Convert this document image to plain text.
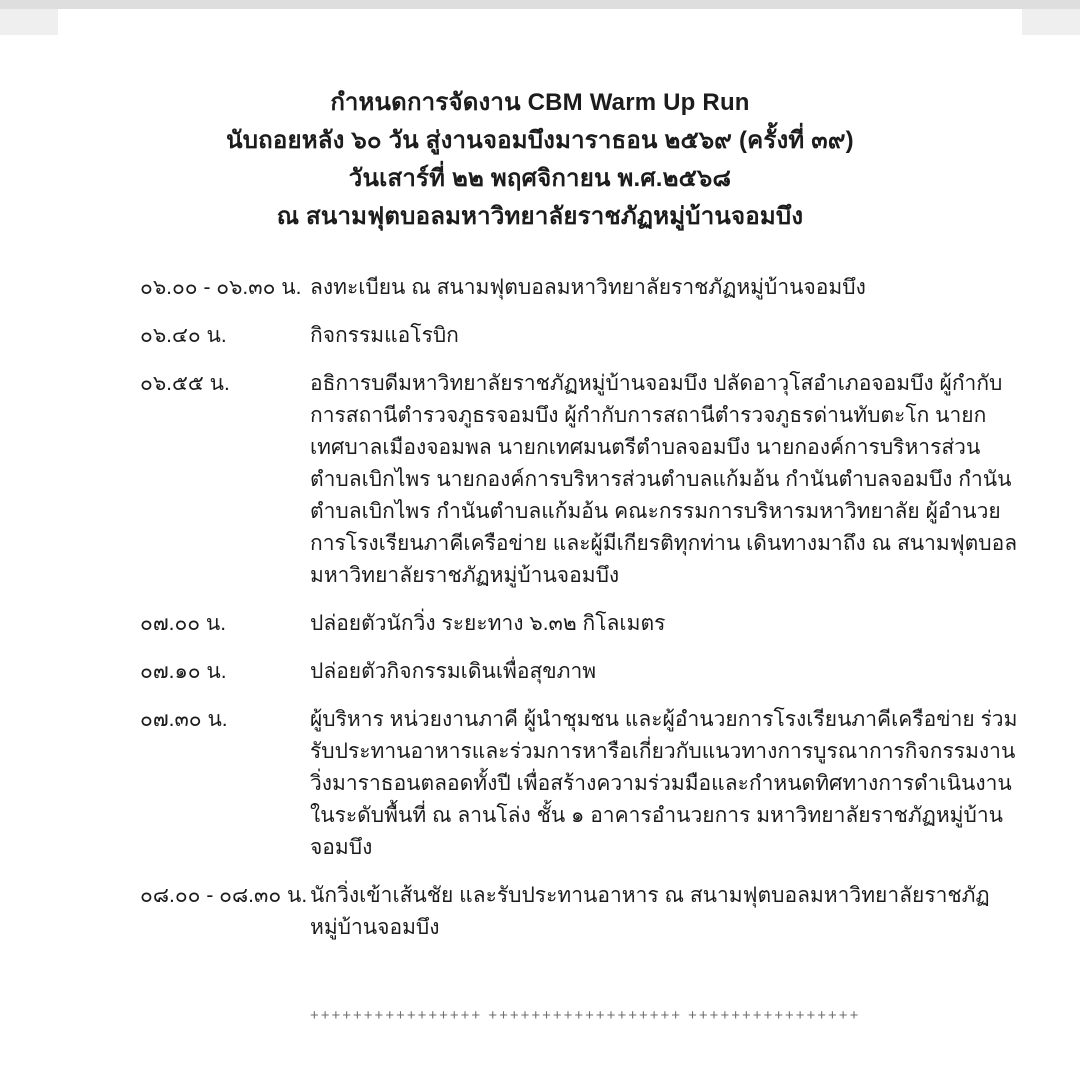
กำหนดการจัดงาน CBM Warm Up Run
นับถอยหลัง ๖๐ วัน สู่งานจอมบึงมาราธอน ๒๕๖๙ (ครั้งที่ ๓๙)
วันเสาร์ที่ ๒๒ พฤศจิกายน พ.ศ.๒๕๖๘
ณ สนามฟุตบอลมหาวิทยาลัยราชภัฏหมู่บ้านจอมบึง
๐๖.๐๐ - ๐๖.๓๐ น. ลงทะเบียน ณ สนามฟุตบอลมหาวิทยาลัยราชภัฏหมู่บ้านจอมบึง
๐๖.๔๐ น.	กิจกรรมแอโรบิก
๐๖.๕๕ น.	อธิการบดีมหาวิทยาลัยราชภัฏหมู่บ้านจอมบึง ปลัดอาวุโสอำเภอจอมบึง ผู้กำกับการสถานีตำรวจภูธรจอมบึง ผู้กำกับการสถานีตำรวจภูธรด่านทับตะโก นายกเทศบาลเมืองจอมพล นายกเทศมนตรีตำบลจอมบึง นายกองค์การบริหารส่วนตำบลเบิกไพร นายกองค์การบริหารส่วนตำบลแก้มอ้น กำนันตำบลจอมบึง กำนันตำบลเบิกไพร กำนันตำบลแก้มอ้น คณะกรรมการบริหารมหาวิทยาลัย ผู้อำนวยการโรงเรียนภาคีเครือข่าย และผู้มีเกียรติทุกท่าน เดินทางมาถึง ณ สนามฟุตบอลมหาวิทยาลัยราชภัฏหมู่บ้านจอมบึง
๐๗.๐๐ น.	ปล่อยตัวนักวิ่ง ระยะทาง ๖.๓๒ กิโลเมตร
๐๗.๑๐ น.	ปล่อยตัวกิจกรรมเดินเพื่อสุขภาพ
๐๗.๓๐ น.	ผู้บริหาร หน่วยงานภาคี ผู้นำชุมชน และผู้อำนวยการโรงเรียนภาคีเครือข่าย ร่วมรับประทานอาหารและร่วมการหารือเกี่ยวกับแนวทางการบูรณาการกิจกรรมงานวิ่งมาราธอนตลอดทั้งปี เพื่อสร้างความร่วมมือและกำหนดทิศทางการดำเนินงานในระดับพื้นที่ ณ ลานโล่ง ชั้น ๑ อาคารอำนวยการ มหาวิทยาลัยราชภัฏหมู่บ้านจอมบึง
๐๘.๐๐ - ๐๘.๓๐ น. นักวิ่งเข้าเส้นชัย และรับประทานอาหาร ณ สนามฟุตบอลมหาวิทยาลัยราชภัฏหมู่บ้านจอมบึง
++++++++++++++++ ++++++++++++++++++ ++++++++++++++++
